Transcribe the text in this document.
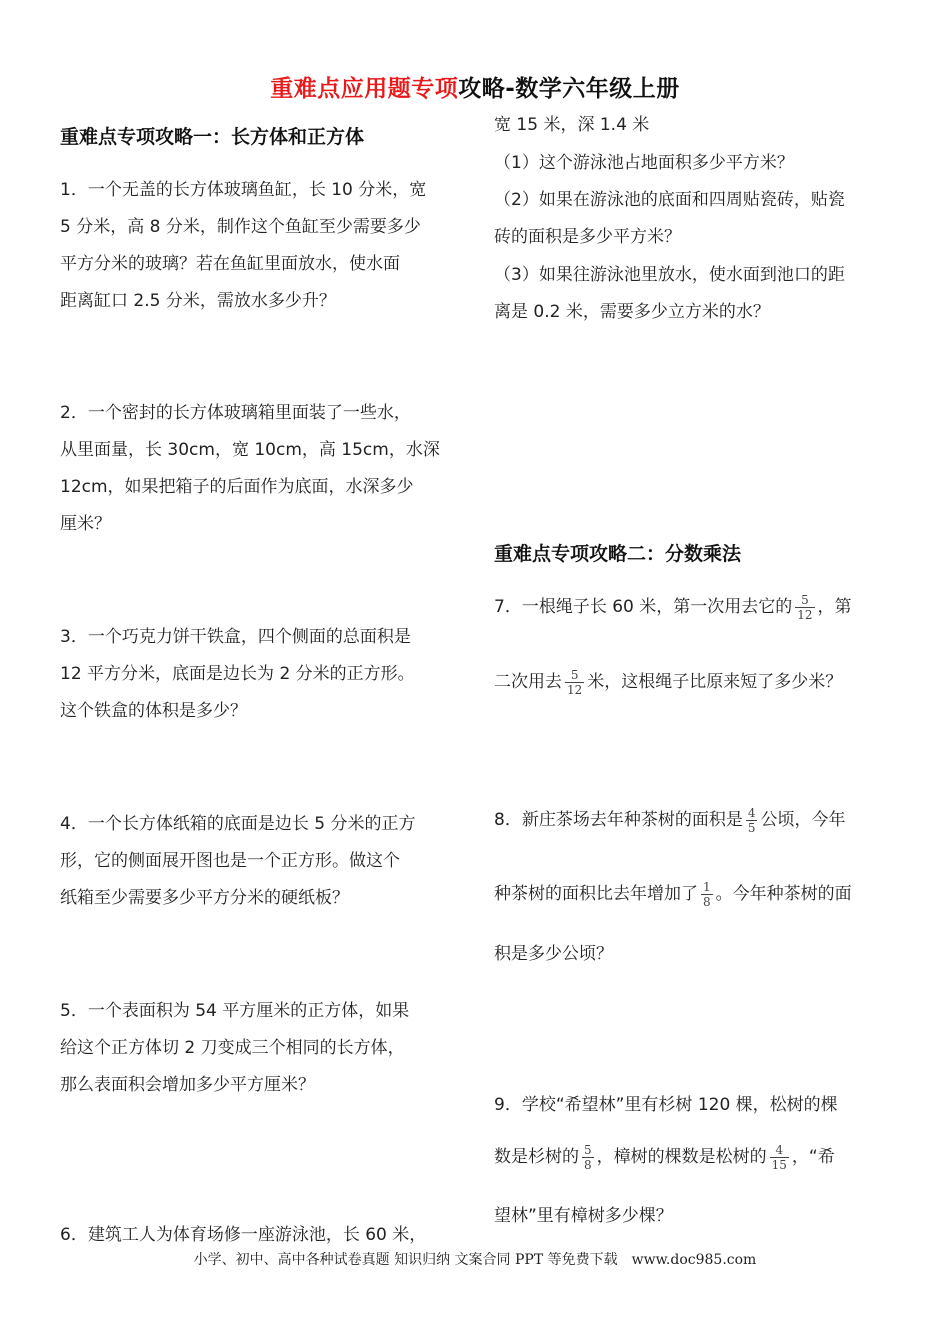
重难点应用题专项攻略-数学六年级上册
重难点专项攻略一：长方体和正方体
1．一个无盖的长方体玻璃鱼缸，长 10 分米，宽
5 分米，高 8 分米，制作这个鱼缸至少需要多少
平方分米的玻璃？若在鱼缸里面放水，使水面
距离缸口 2.5 分米，需放水多少升？
2．一个密封的长方体玻璃箱里面装了一些水，
从里面量，长 30cm，宽 10cm，高 15cm，水深
12cm，如果把箱子的后面作为底面，水深多少
厘米？
3．一个巧克力饼干铁盒，四个侧面的总面积是
12 平方分米，底面是边长为 2 分米的正方形。
这个铁盒的体积是多少？
4．一个长方体纸箱的底面是边长 5 分米的正方
形，它的侧面展开图也是一个正方形。做这个
纸箱至少需要多少平方分米的硬纸板？
5．一个表面积为 54 平方厘米的正方体，如果
给这个正方体切 2 刀变成三个相同的长方体，
那么表面积会增加多少平方厘米？
6．建筑工人为体育场修一座游泳池，长 60 米，
宽 15 米，深 1.4 米
（1）这个游泳池占地面积多少平方米？
（2）如果在游泳池的底面和四周贴瓷砖，贴瓷
砖的面积是多少平方米？
（3）如果往游泳池里放水，使水面到池口的距
离是 0.2 米，需要多少立方米的水？
重难点专项攻略二：分数乘法
7．一根绳子长 60 米，第一次用去它的 $\frac{5}{12}$ ，第
二次用去 $\frac{5}{12}$ 米，这根绳子比原来短了多少米？
8．新庄茶场去年种茶树的面积是 $\frac{4}{5}$ 公顷，今年
种茶树的面积比去年增加了 $\frac{1}{8}$ 。今年种茶树的面
积是多少公顷？
9．学校“希望林”里有杉树 120 棵，松树的棵
数是杉树的 $\frac{5}{8}$ ，樟树的棵数是松树的 $\frac{4}{15}$ ，“希
望林”里有樟树多少棵？
小学、初中、高中各种试卷真题 知识归纳 文案合同 PPT 等免费下载 www.doc985.com
